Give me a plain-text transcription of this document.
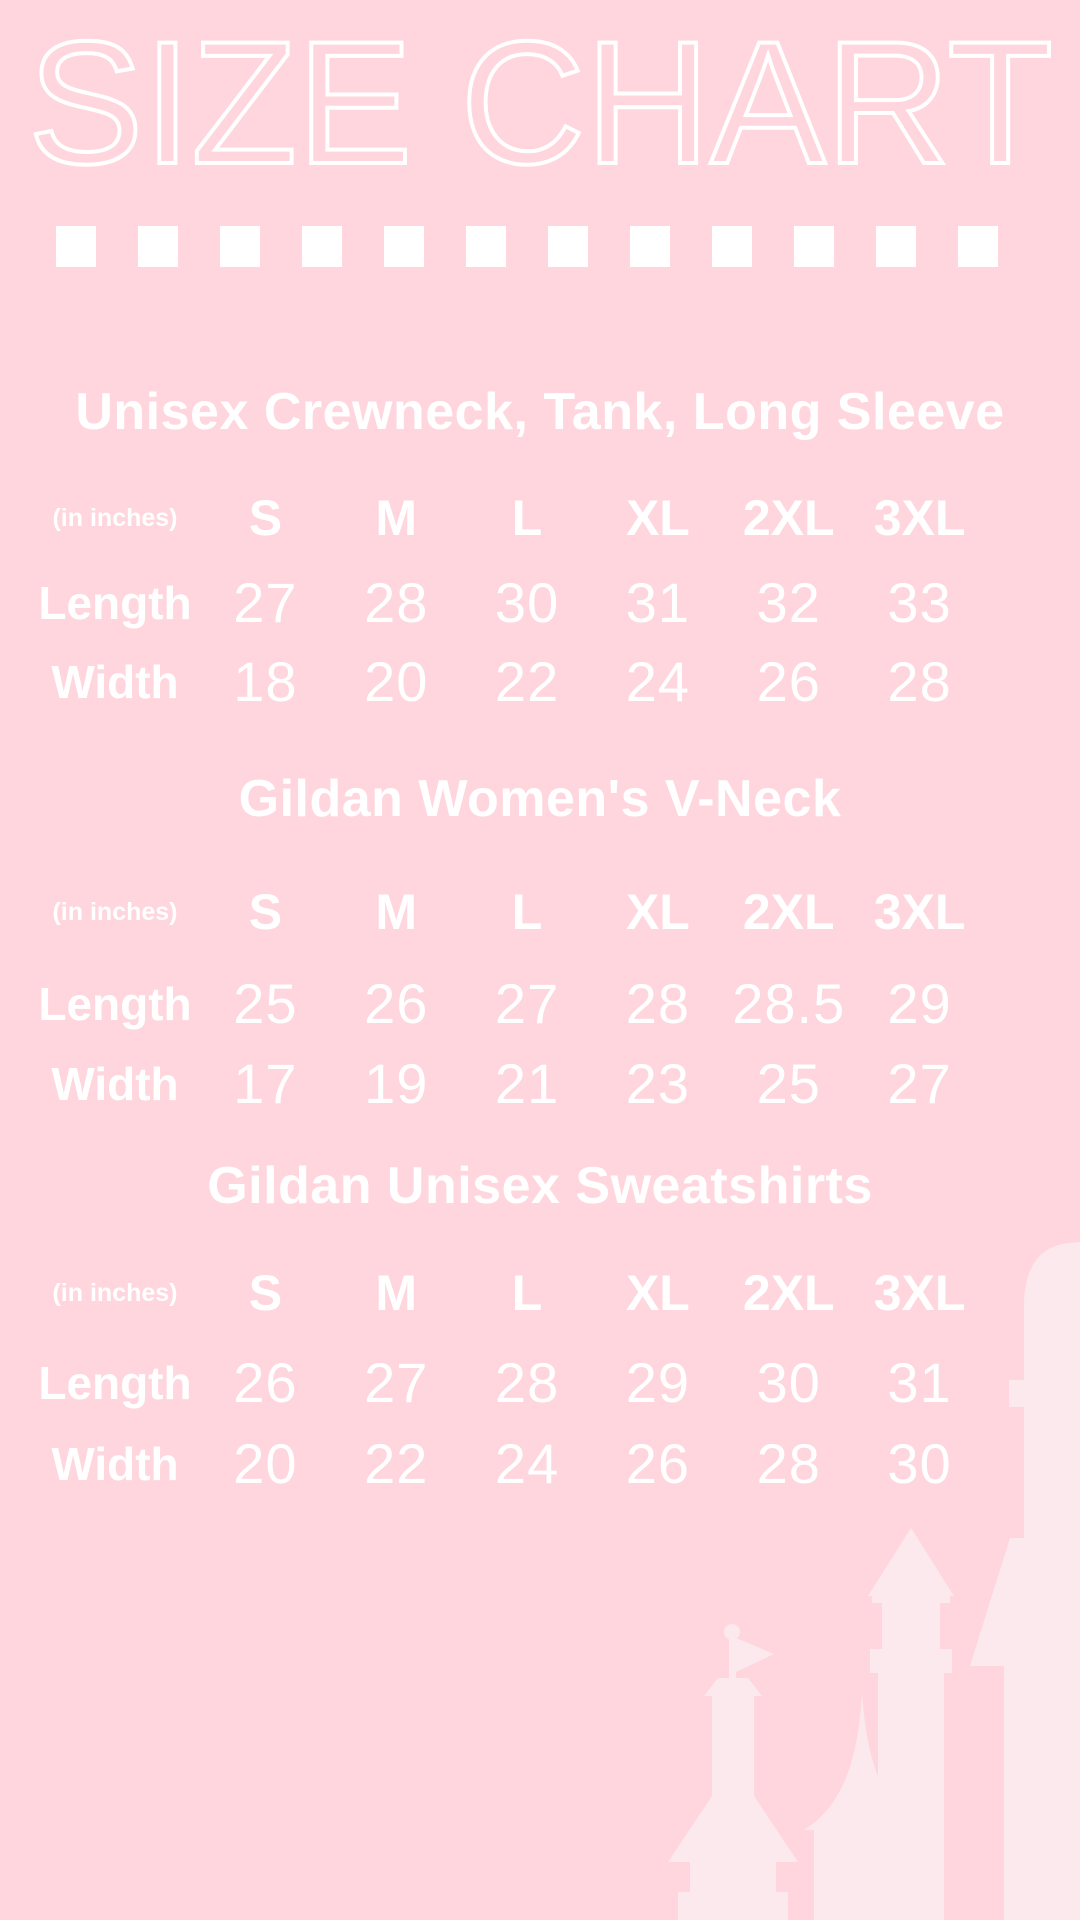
SIZE CHART
Unisex Crewneck, Tank, Long Sleeve
(in inches)	S	M	L	XL	2XL 3XL
Length 27	28	30	31	32	33
Width 18	20	22	24	26	28
Gildan Women's V-Neck
(in inches)	S	M	L	XL	2XL 3XL
Length 25	26	27	28 28.5 29
Width 17	19	21	23	25	27
Gildan Unisex Sweatshirts
(in inches)	S	M	L	XL	2XL 3XL
Length 26	27	28	29	30	31
Width 20	22	24	26	28	30
